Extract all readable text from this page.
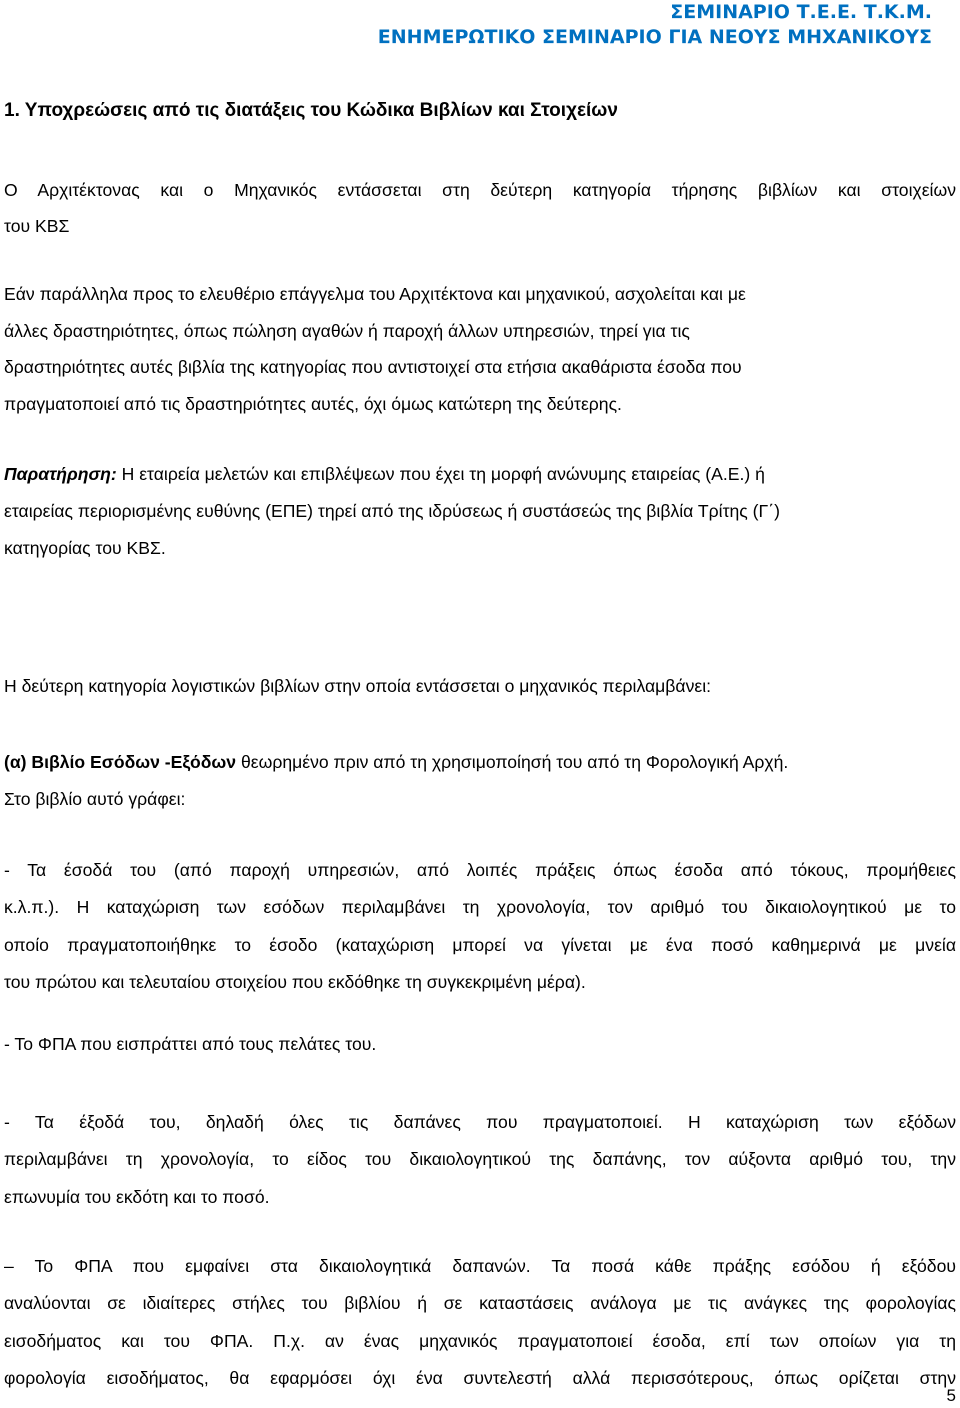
ΣΕΜΙΝΑΡΙΟ Τ.Ε.Ε. Τ.Κ.Μ.
ΕΝΗΜΕΡΩΤΙΚΟ ΣΕΜΙΝΑΡΙΟ ΓΙΑ ΝΕΟΥΣ ΜΗΧΑΝΙΚΟΥΣ
1. Υποχρεώσεις από τις διατάξεις του Κώδικα Βιβλίων και Στοιχείων
Ο Αρχιτέκτονας και ο Μηχανικός εντάσσεται στη δεύτερη κατηγορία τήρησης βιβλίων και στοιχείων
του ΚΒΣ
Εάν παράλληλα προς το ελευθέριο επάγγελμα του Αρχιτέκτονα και μηχανικού, ασχολείται και με
άλλες δραστηριότητες, όπως πώληση αγαθών ή παροχή άλλων υπηρεσιών, τηρεί για τις
δραστηριότητες αυτές βιβλία της κατηγορίας που αντιστοιχεί στα ετήσια ακαθάριστα έσοδα που
πραγματοποιεί από τις δραστηριότητες αυτές, όχι όμως κατώτερη της δεύτερης.
Παρατήρηση: Η εταιρεία μελετών και επιβλέψεων που έχει τη μορφή ανώνυμης εταιρείας (Α.Ε.) ή
εταιρείας περιορισμένης ευθύνης (ΕΠΕ) τηρεί από της ιδρύσεως ή συστάσεώς της βιβλία Τρίτης (Γ΄)
κατηγορίας του ΚΒΣ.
Η δεύτερη κατηγορία λογιστικών βιβλίων στην οποία εντάσσεται ο μηχανικός περιλαμβάνει:
(α) Βιβλίο Εσόδων -Εξόδων θεωρημένο πριν από τη χρησιμοποίησή του από τη Φορολογική Αρχή.
Στο βιβλίο αυτό γράφει:
- Τα έσοδά του (από παροχή υπηρεσιών, από λοιπές πράξεις όπως έσοδα από τόκους, προμήθειες
κ.λ.π.). Η καταχώριση των εσόδων περιλαμβάνει τη χρονολογία, τον αριθμό του δικαιολογητικού με το
οποίο πραγματοποιήθηκε το έσοδο (καταχώριση μπορεί να γίνεται με ένα ποσό καθημερινά με μνεία
του πρώτου και τελευταίου στοιχείου που εκδόθηκε τη συγκεκριμένη μέρα).
- Το ΦΠΑ που εισπράττει από τους πελάτες του.
- Τα έξοδά του, δηλαδή όλες τις δαπάνες που πραγματοποιεί. Η καταχώριση των εξόδων
περιλαμβάνει τη χρονολογία, το είδος του δικαιολογητικού της δαπάνης, τον αύξοντα αριθμό του, την
επωνυμία του εκδότη και το ποσό.
– Το ΦΠΑ που εμφαίνει στα δικαιολογητικά δαπανών. Τα ποσά κάθε πράξης εσόδου ή εξόδου
αναλύονται σε ιδιαίτερες στήλες του βιβλίου ή σε καταστάσεις ανάλογα με τις ανάγκες της φορολογίας
εισοδήματος και του ΦΠΑ. Π.χ. αν ένας μηχανικός πραγματοποιεί έσοδα, επί των οποίων για τη
φορολογία εισοδήματος, θα εφαρμόσει όχι ένα συντελεστή αλλά περισσότερους, όπως ορίζεται στην
5
